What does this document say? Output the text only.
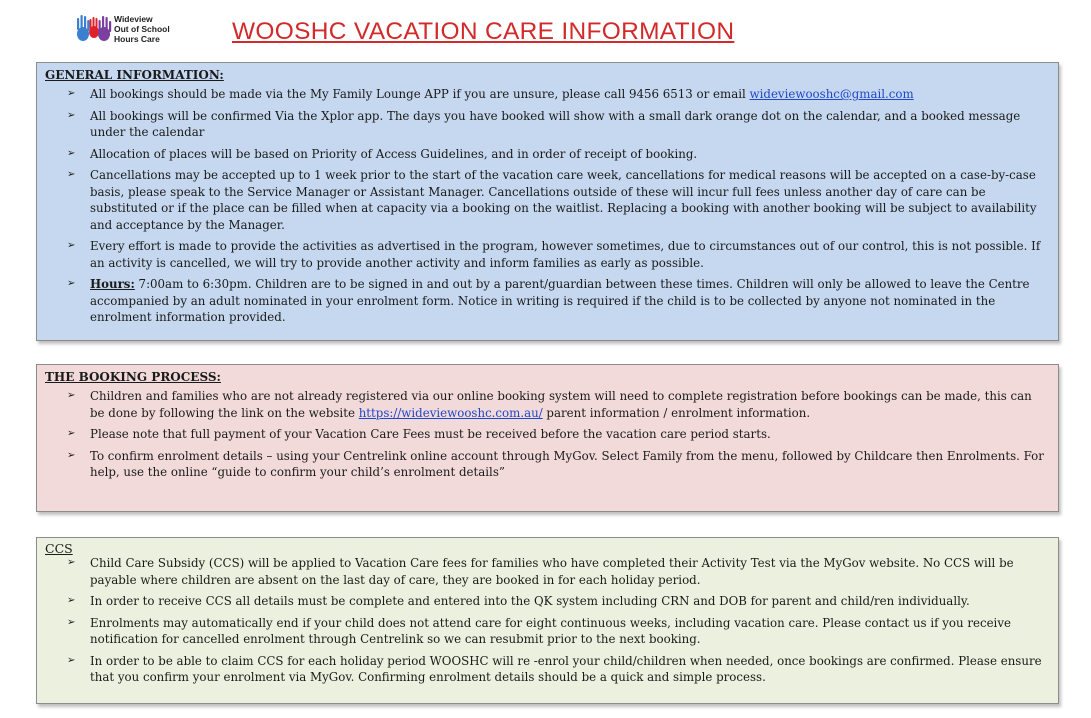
Wideview
Out of School
Hours Care	WOOSHC VACATION CARE INFORMATION
GENERAL INFORMATION:
➢ All bookings should be made via the My Family Lounge APP if you are unsure, please call 9456 6513 or email wideviewooshc@gmail.com
➢ All bookings will be confirmed Via the Xplor app. The days you have booked will show with a small dark orange dot on the calendar, and a booked message under the calendar
➢ Allocation of places will be based on Priority of Access Guidelines, and in order of receipt of booking.
➢ Cancellations may be accepted up to 1 week prior to the start of the vacation care week, cancellations for medical reasons will be accepted on a case-by-case basis, please speak to the Service Manager or Assistant Manager. Cancellations outside of these will incur full fees unless another day of care can be substituted or if the place can be filled when at capacity via a booking on the waitlist. Replacing a booking with another booking will be subject to availability and acceptance by the Manager.
➢ Every effort is made to provide the activities as advertised in the program, however sometimes, due to circumstances out of our control, this is not possible. If an activity is cancelled, we will try to provide another activity and inform families as early as possible.
➢ Hours: 7:00am to 6:30pm. Children are to be signed in and out by a parent/guardian between these times. Children will only be allowed to leave the Centre accompanied by an adult nominated in your enrolment form. Notice in writing is required if the child is to be collected by anyone not nominated in the enrolment information provided.
THE BOOKING PROCESS:
➢ Children and families who are not already registered via our online booking system will need to complete registration before bookings can be made, this can be done by following the link on the website https://wideviewooshc.com.au/ parent information / enrolment information.
➢ Please note that full payment of your Vacation Care Fees must be received before the vacation care period starts.
➢ To confirm enrolment details – using your Centrelink online account through MyGov. Select Family from the menu, followed by Childcare then Enrolments. For help, use the online “guide to confirm your child’s enrolment details”
CCS
➢ Child Care Subsidy (CCS) will be applied to Vacation Care fees for families who have completed their Activity Test via the MyGov website. No CCS will be payable where children are absent on the last day of care, they are booked in for each holiday period.
➢ In order to receive CCS all details must be complete and entered into the QK system including CRN and DOB for parent and child/ren individually.
➢ Enrolments may automatically end if your child does not attend care for eight continuous weeks, including vacation care. Please contact us if you receive notification for cancelled enrolment through Centrelink so we can resubmit prior to the next booking.
➢ In order to be able to claim CCS for each holiday period WOOSHC will re -enrol your child/children when needed, once bookings are confirmed. Please ensure that you confirm your enrolment via MyGov. Confirming enrolment details should be a quick and simple process.
